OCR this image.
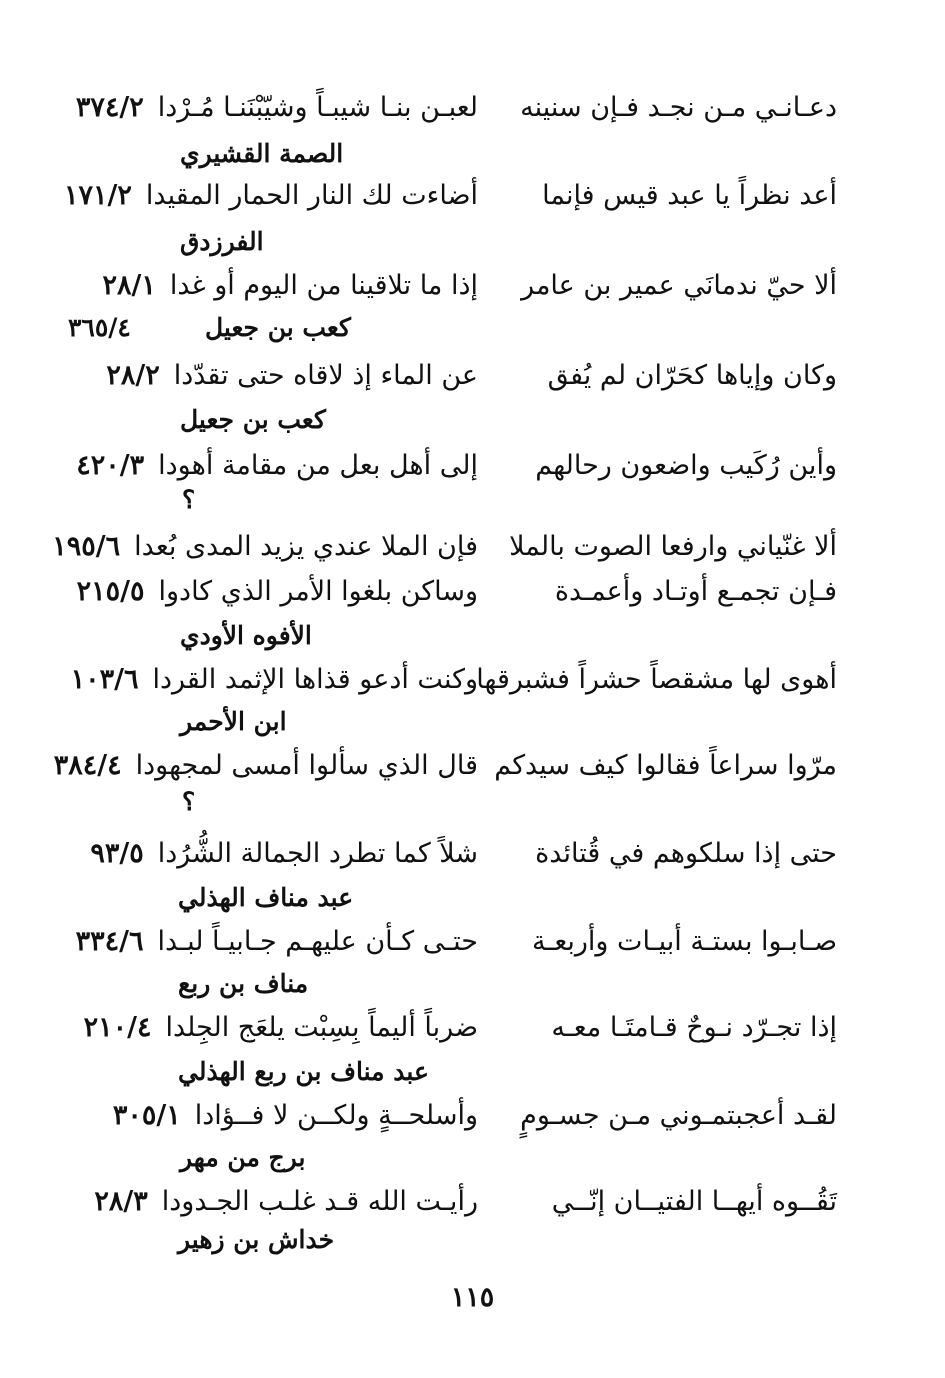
دعـانـي مـن نجـد فـإن سنينه
لعبـن بنـا شيبـاً وشيّبْنَنـا مُـرْدا٣٧٤/٢
الصمة القشيري
أعد نظراً يا عبد قيس فإنما
أضاءت لك النار الحمار المقيدا١٧١/٢
الفرزدق
ألا حيّ ندمانَي عمير بن عامر
إذا ما تلاقينا من اليوم أو غدا٢٨/١
كعب بن جعيل
٣٦٥/٤
وكان وإياها كحَرّان لم يُفق
عن الماء إذ لاقاه حتى تقدّدا٢٨/٢
كعب بن جعيل
وأين رُكَيب واضعون رحالهم
إلى أهل بعل من مقامة أهودا٤٢٠/٣
؟
ألا غنّياني وارفعا الصوت بالملا
فإن الملا عندي يزيد المدى بُعدا١٩٥/٦
فـإن تجمـع أوتـاد وأعمـدة
وساكن بلغوا الأمر الذي كادوا٢١٥/٥
الأفوه الأودي
أهوى لها مشقصاً حشراً فشبرقها
وكنت أدعو قذاها الإثمد القردا١٠٣/٦
ابن الأحمر
مرّوا سراعاً فقالوا كيف سيدكم
قال الذي سألوا أمسى لمجهودا٣٨٤/٤
؟
حتى إذا سلكوهم في قُتائدة
شلاً كما تطرد الجمالة الشُّرُدا٩٣/٥
عبد مناف الهذلي
صـابـوا بستـة أبيـات وأربعـة
حتـى كـأن عليهـم جـابيـاً لبـدا٣٣٤/٦
مناف بن ربع
إذا تجـرّد نـوحٌ قـامتَـا معـه
ضرباً أليماً بِسِبْت يلعَج الجِلدا٢١٠/٤
عبد مناف بن ربع الهذلي
لقـد أعجبتمـوني مـن جسـومٍ
وأسلحــةٍ ولكــن لا فــؤادا٣٠٥/١
برج من مهر
تَقُــوه أيهــا الفتيــان إنّــي
رأيـت الله قـد غلـب الجـدودا٢٨/٣
خداش بن زهير
١١٥
